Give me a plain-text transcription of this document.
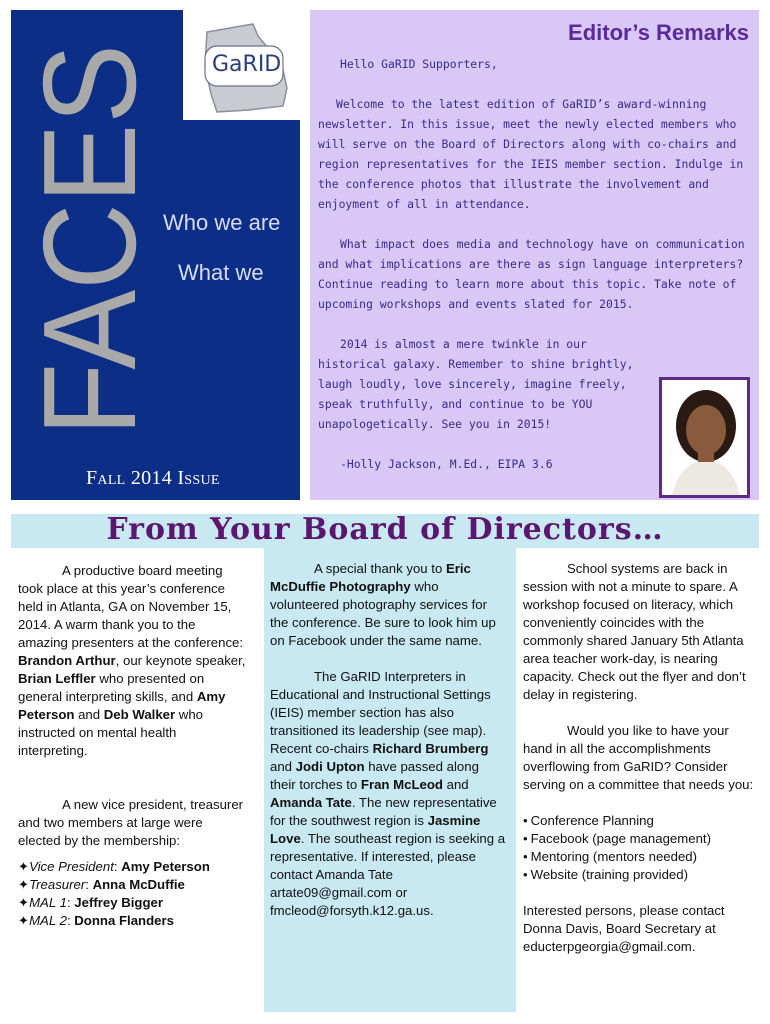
FACES GaRID
Who we are
What we
Fall 2014 Issue
Editor’s Remarks

Hello GaRID Supporters,

Welcome to the latest edition of GaRID’s award-winning newsletter. In this issue, meet the newly elected members who will serve on the Board of Directors along with co-chairs and region representatives for the IEIS member section. Indulge in the conference photos that illustrate the involvement and enjoyment of all in attendance.

What impact does media and technology have on communication and what implications are there as sign language interpreters? Continue reading to learn more about this topic. Take note of upcoming workshops and events slated for 2015.

2014 is almost a mere twinkle in our historical galaxy. Remember to shine brightly, laugh loudly, love sincerely, imagine freely, speak truthfully, and continue to be YOU unapologetically. See you in 2015!

-Holly Jackson, M.Ed., EIPA 3.6

From Your Board of Directors…

A productive board meeting took place at this year’s conference held in Atlanta, GA on November 15, 2014. A warm thank you to the amazing presenters at the conference: Brandon Arthur, our keynote speaker, Brian Leffler who presented on general interpreting skills, and Amy Peterson and Deb Walker who instructed on mental health interpreting.

A new vice president, treasurer and two members at large were elected by the membership:

✦Vice President: Amy Peterson

✦Treasurer: Anna McDuffie

✦MAL 1: Jeffrey Bigger

✦MAL 2: Donna Flanders

A special thank you to Eric McDuffie Photography who volunteered photography services for the conference. Be sure to look him up on Facebook under the same name.

The GaRID Interpreters in Educational and Instructional Settings (IEIS) member section has also transitioned its leadership (see map). Recent co-chairs Richard Brumberg and Jodi Upton have passed along their torches to Fran McLeod and Amanda Tate. The new representative for the southwest region is Jasmine Love. The southeast region is seeking a representative. If interested, please contact Amanda Tate artate09@gmail.com or fmcleod@forsyth.k12.ga.us.

School systems are back in session with not a minute to spare. A workshop focused on literacy, which conveniently coincides with the commonly shared January 5th Atlanta area teacher work-day, is nearing capacity. Check out the flyer and don’t delay in registering.

Would you like to have your hand in all the accomplishments overflowing from GaRID? Consider serving on a committee that needs you:

• Conference Planning
• Facebook (page management)
• Mentoring (mentors needed)
• Website (training provided)

Interested persons, please contact Donna Davis, Board Secretary at educterpgeorgia@gmail.com.
